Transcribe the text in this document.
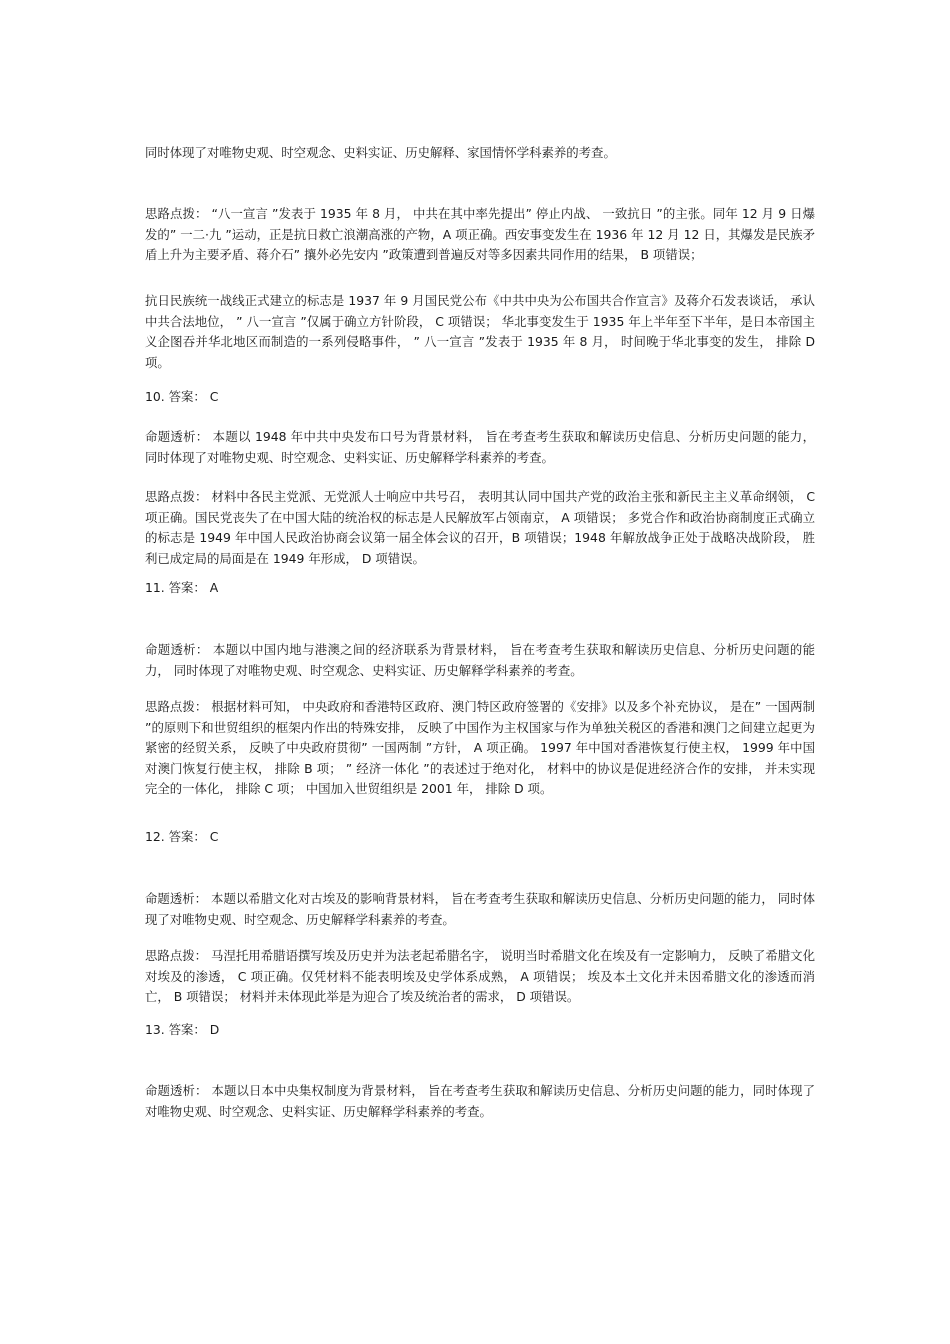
同时体现了对唯物史观、时空观念、史料实证、历史解释、家国情怀学科素养的考查。

思路点拨： “八一宣言 ”发表于 1935 年 8 月， 中共在其中率先提出” 停止内战、 一致抗日 ”的主张。同年 12 月 9 日爆发的” 一二·九 ”运动，正是抗日救亡浪潮高涨的产物，A 项正确。西安事变发生在 1936 年 12 月 12 日，其爆发是民族矛盾上升为主要矛盾、蒋介石” 攘外必先安内 ”政策遭到普遍反对等多因素共同作用的结果， B 项错误；

抗日民族统一战线正式建立的标志是 1937 年 9 月国民党公布《中共中央为公布国共合作宣言》及蒋介石发表谈话， 承认中共合法地位， ” 八一宣言 ”仅属于确立方针阶段， C 项错误； 华北事变发生于 1935 年上半年至下半年，是日本帝国主义企图吞并华北地区而制造的一系列侵略事件， ” 八一宣言 ”发表于 1935 年 8 月， 时间晚于华北事变的发生， 排除 D 项。

10. 答案： C

命题透析： 本题以 1948 年中共中央发布口号为背景材料， 旨在考查考生获取和解读历史信息、分析历史问题的能力， 同时体现了对唯物史观、时空观念、史料实证、历史解释学科素养的考查。

思路点拨： 材料中各民主党派、无党派人士响应中共号召， 表明其认同中国共产党的政治主张和新民主主义革命纲领， C 项正确。国民党丧失了在中国大陆的统治权的标志是人民解放军占领南京， A 项错误； 多党合作和政治协商制度正式确立的标志是 1949 年中国人民政治协商会议第一届全体会议的召开，B 项错误；1948 年解放战争正处于战略决战阶段， 胜利已成定局的局面是在 1949 年形成， D 项错误。

11. 答案： A

命题透析： 本题以中国内地与港澳之间的经济联系为背景材料， 旨在考查考生获取和解读历史信息、分析历史问题的能力， 同时体现了对唯物史观、时空观念、史料实证、历史解释学科素养的考查。

思路点拨： 根据材料可知， 中央政府和香港特区政府、澳门特区政府签署的《安排》以及多个补充协议， 是在” 一国两制 ”的原则下和世贸组织的框架内作出的特殊安排， 反映了中国作为主权国家与作为单独关税区的香港和澳门之间建立起更为紧密的经贸关系， 反映了中央政府贯彻” 一国两制 ”方针， A 项正确。 1997 年中国对香港恢复行使主权， 1999 年中国对澳门恢复行使主权， 排除 B 项； ” 经济一体化 ”的表述过于绝对化， 材料中的协议是促进经济合作的安排， 并未实现完全的一体化， 排除 C 项； 中国加入世贸组织是 2001 年， 排除 D 项。

12. 答案： C

命题透析： 本题以希腊文化对古埃及的影响背景材料， 旨在考查考生获取和解读历史信息、分析历史问题的能力， 同时体现了对唯物史观、时空观念、历史解释学科素养的考查。

思路点拨： 马涅托用希腊语撰写埃及历史并为法老起希腊名字， 说明当时希腊文化在埃及有一定影响力， 反映了希腊文化对埃及的渗透， C 项正确。仅凭材料不能表明埃及史学体系成熟， A 项错误； 埃及本土文化并未因希腊文化的渗透而消亡， B 项错误； 材料并未体现此举是为迎合了埃及统治者的需求， D 项错误。

13. 答案： D

命题透析： 本题以日本中央集权制度为背景材料， 旨在考查考生获取和解读历史信息、分析历史问题的能力，同时体现了对唯物史观、时空观念、史料实证、历史解释学科素养的考查。
